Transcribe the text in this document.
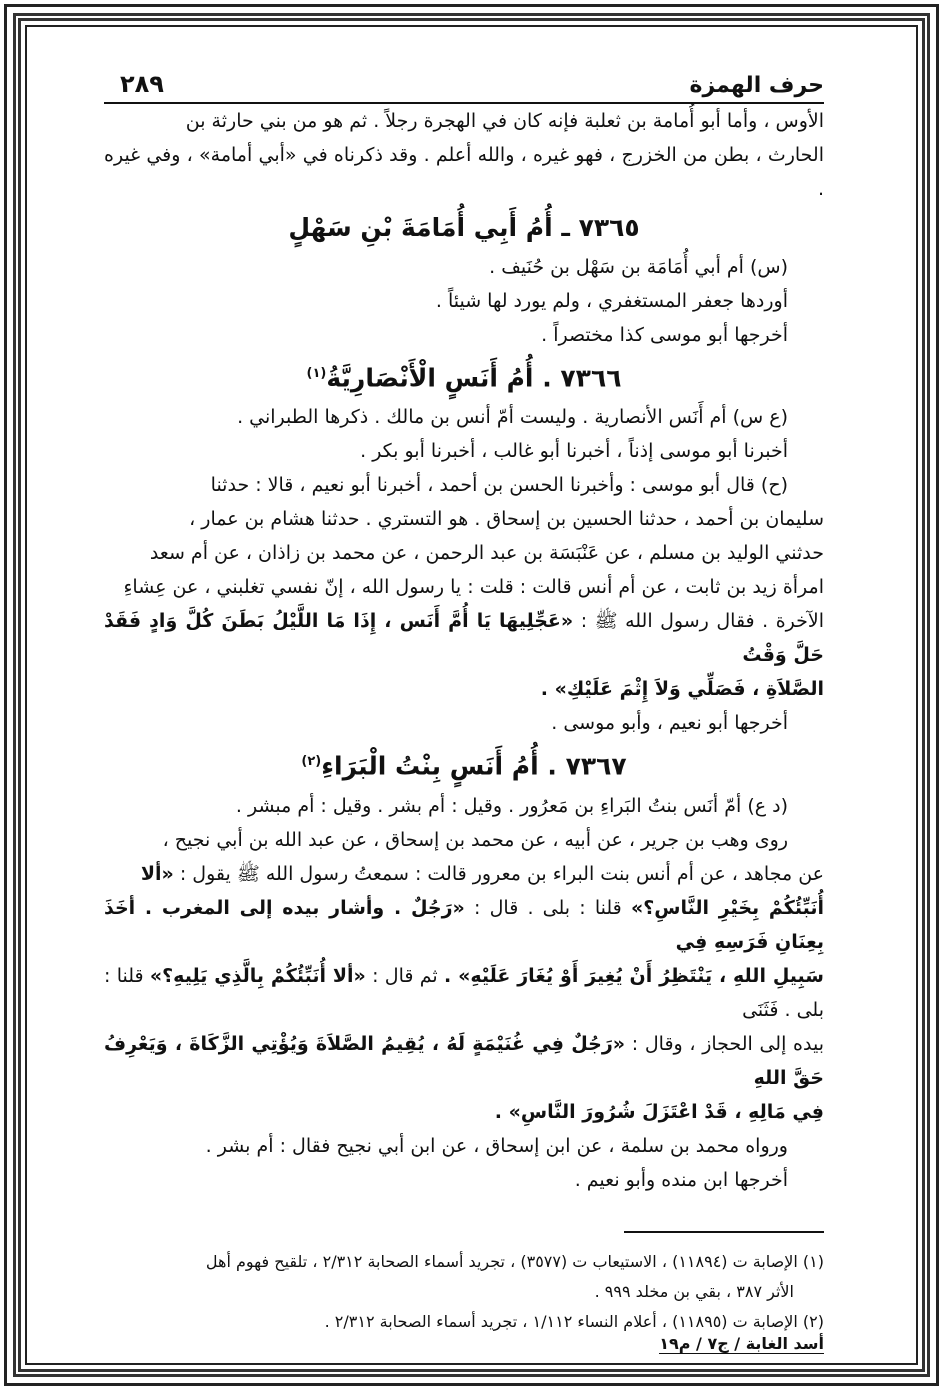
حرف الهمزة
٢٨٩

الأوس ، وأما أبو أُمامة بن ثعلبة فإنه كان في الهجرة رجلاً . ثم هو من بني حارثة بن

الحارث ، بطن من الخزرج ، فهو غيره ، والله أعلم . وقد ذكرناه في «أبي أمامة» ، وفي غيره .

٧٣٦٥ ـ أُمُ أَبِي أُمَامَةَ بْنِ سَهْلٍ

(س) أم أبي أُمَامَة بن سَهْل بن حُنَيف .

أوردها جعفر المستغفري ، ولم يورد لها شيئاً .

أخرجها أبو موسى كذا مختصراً .

٧٣٦٦ . أُمُ أَنَسٍ الْأَنْصَارِيَّةُ$^{(١)}$

(ع س) أم أَنَس الأنصارية . وليست أمّ أنس بن مالك . ذكرها الطبراني .

أخبرنا أبو موسى إذناً ، أخبرنا أبو غالب ، أخبرنا أبو بكر .

(ح) قال أبو موسى : وأخبرنا الحسن بن أحمد ، أخبرنا أبو نعيم ، قالا : حدثنا

سليمان بن أحمد ، حدثنا الحسين بن إسحاق . هو التستري . حدثنا هشام بن عمار ،

حدثني الوليد بن مسلم ، عن عَنْبَسَة بن عبد الرحمن ، عن محمد بن زاذان ، عن أم سعد

امرأة زيد بن ثابت ، عن أم أنس قالت : قلت : يا رسول الله ، إنّ نفسي تغلبني ، عن عِشاءِ

الآخرة . فقال رسول الله ﷺ : «عَجِّلِيهَا يَا أُمَّ أَنَس ، إِذَا مَا اللَّيْلُ بَطَنَ كُلَّ وَادٍ فَقَدْ حَلَّ وَقْتُ

الصَّلاَةِ ، فَصَلِّي وَلاَ إِثْمَ عَلَيْكِ» .

أخرجها أبو نعيم ، وأبو موسى .

٧٣٦٧ . أُمُ أَنَسٍ بِنْتُ الْبَرَاءِ$^{(٢)}$

(د ع) أمّ أنَس بنتُ البَراءِ بن مَعرُور . وقيل : أم بشر . وقيل : أم مبشر .

روى وهب بن جرير ، عن أبيه ، عن محمد بن إسحاق ، عن عبد الله بن أبي نجيح ،

عن مجاهد ، عن أم أنس بنت البراء بن معرور قالت : سمعتُ رسول الله ﷺ يقول : «ألا

أُنَبِّئُكُمْ بِخَيْرِ النَّاسِ؟» قلنا : بلى . قال : «رَجُلٌ . وأشار بيده إلى المغرب . أخَذَ بِعِنَانِ فَرَسِهِ فِي

سَبِيلِ اللهِ ، يَنْتَظِرُ أَنْ يُغِيرَ أَوْ يُغَارَ عَلَيْهِ» . ثم قال : «ألا أُنَبِّئُكُمْ بِالَّذِي يَلِيهِ؟» قلنا : بلى . فَثَنَى

بيده إلى الحجاز ، وقال : «رَجُلٌ فِي غُنَيْمَةٍ لَهُ ، يُقِيمُ الصَّلاَةَ وَيُؤْتِي الزَّكَاةَ ، وَيَعْرِفُ حَقَّ اللهِ

فِي مَالِهِ ، قَدْ اعْتَزَلَ شُرُورَ النَّاسِ» .

ورواه محمد بن سلمة ، عن ابن إسحاق ، عن ابن أبي نجيح فقال : أم بشر .

أخرجها ابن منده وأبو نعيم .

(١) الإصابة ت (١١٨٩٤) ، الاستيعاب ت (٣٥٧٧) ، تجريد أسماء الصحابة ٢/٣١٢ ، تلقيح فهوم أهل

الأثر ٣٨٧ ، بقي بن مخلد ٩٩٩ .

(٢) الإصابة ت (١١٨٩٥) ، أعلام النساء ١/١١٢ ، تجريد أسماء الصحابة ٢/٣١٢ .

أسد الغابة / ج٧ / م١٩
